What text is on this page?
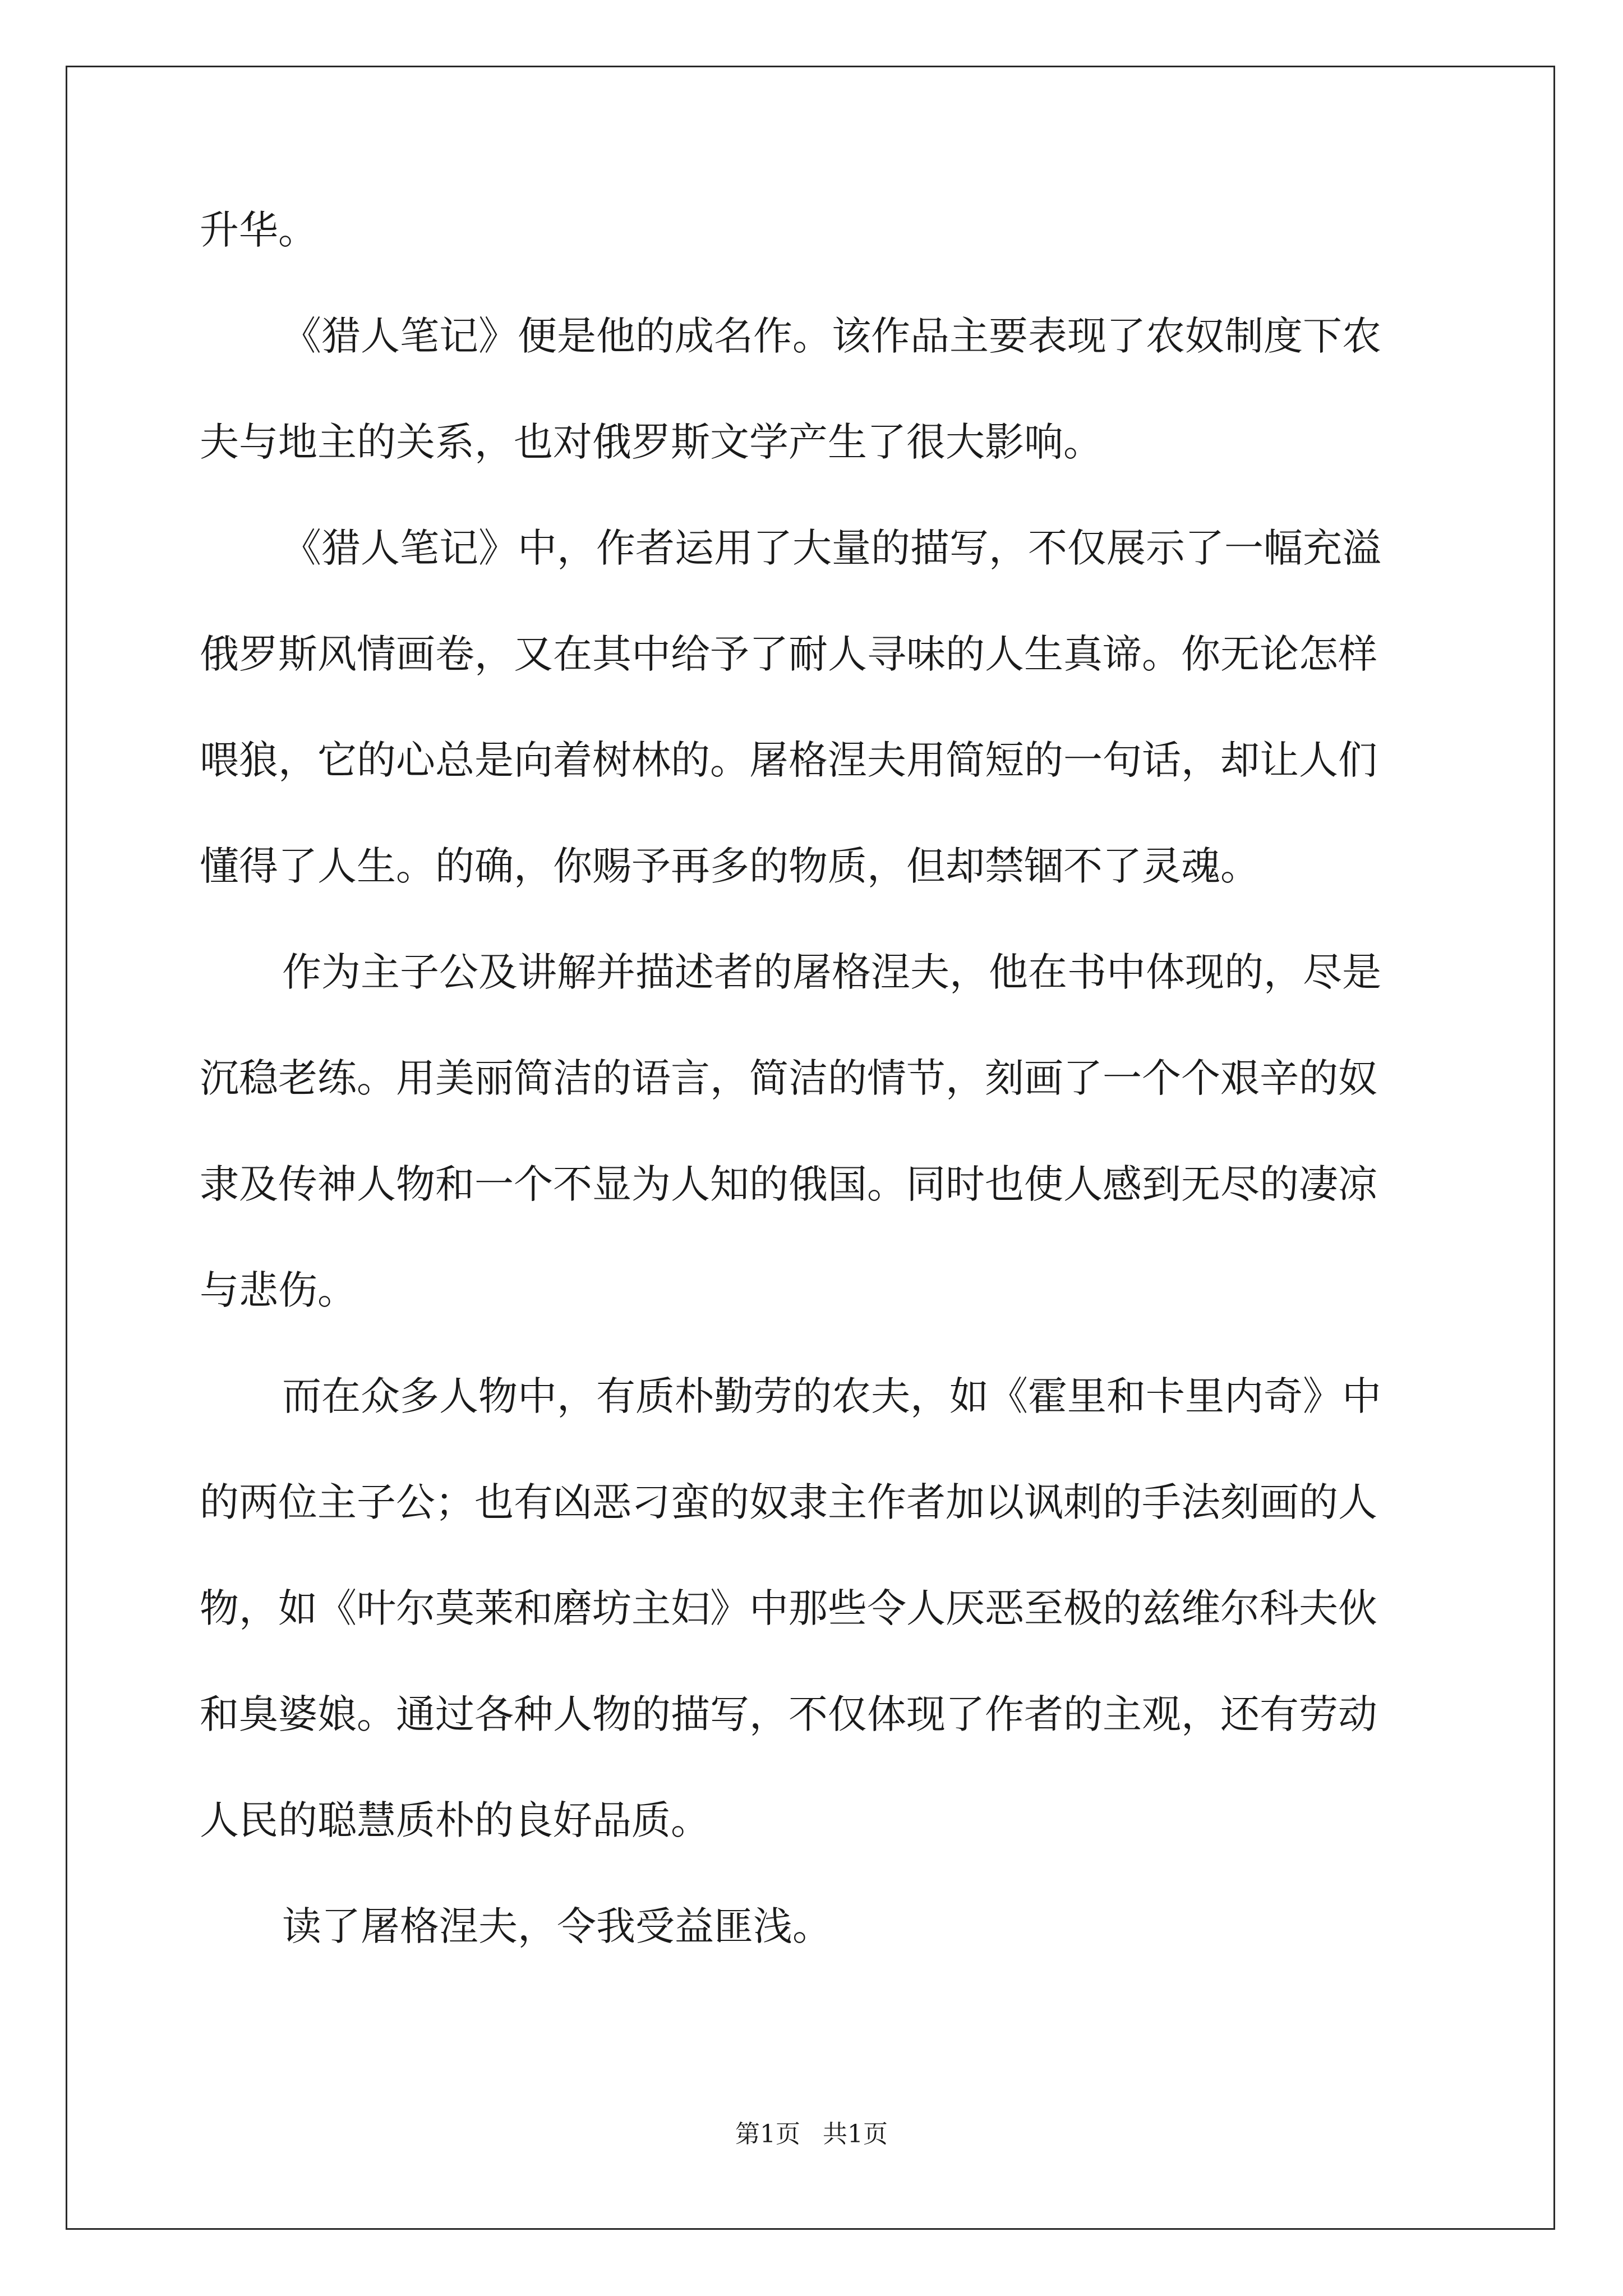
升华。
《猎人笔记》便是他的成名作。该作品主要表现了农奴制度下农
夫与地主的关系，也对俄罗斯文学产生了很大影响。
《猎人笔记》中，作者运用了大量的描写，不仅展示了一幅充溢
俄罗斯风情画卷，又在其中给予了耐人寻味的人生真谛。你无论怎样
喂狼，它的心总是向着树林的。屠格涅夫用简短的一句话，却让人们
懂得了人生。的确，你赐予再多的物质，但却禁锢不了灵魂。
作为主子公及讲解并描述者的屠格涅夫，他在书中体现的，尽是
沉稳老练。用美丽简洁的语言，简洁的情节，刻画了一个个艰辛的奴
隶及传神人物和一个不显为人知的俄国。同时也使人感到无尽的凄凉
与悲伤。
而在众多人物中，有质朴勤劳的农夫，如《霍里和卡里内奇》中
的两位主子公；也有凶恶刁蛮的奴隶主作者加以讽刺的手法刻画的人
物，如《叶尔莫莱和磨坊主妇》中那些令人厌恶至极的兹维尔科夫伙
和臭婆娘。通过各种人物的描写，不仅体现了作者的主观，还有劳动
人民的聪慧质朴的良好品质。
读了屠格涅夫，令我受益匪浅。
第1页 共1页
